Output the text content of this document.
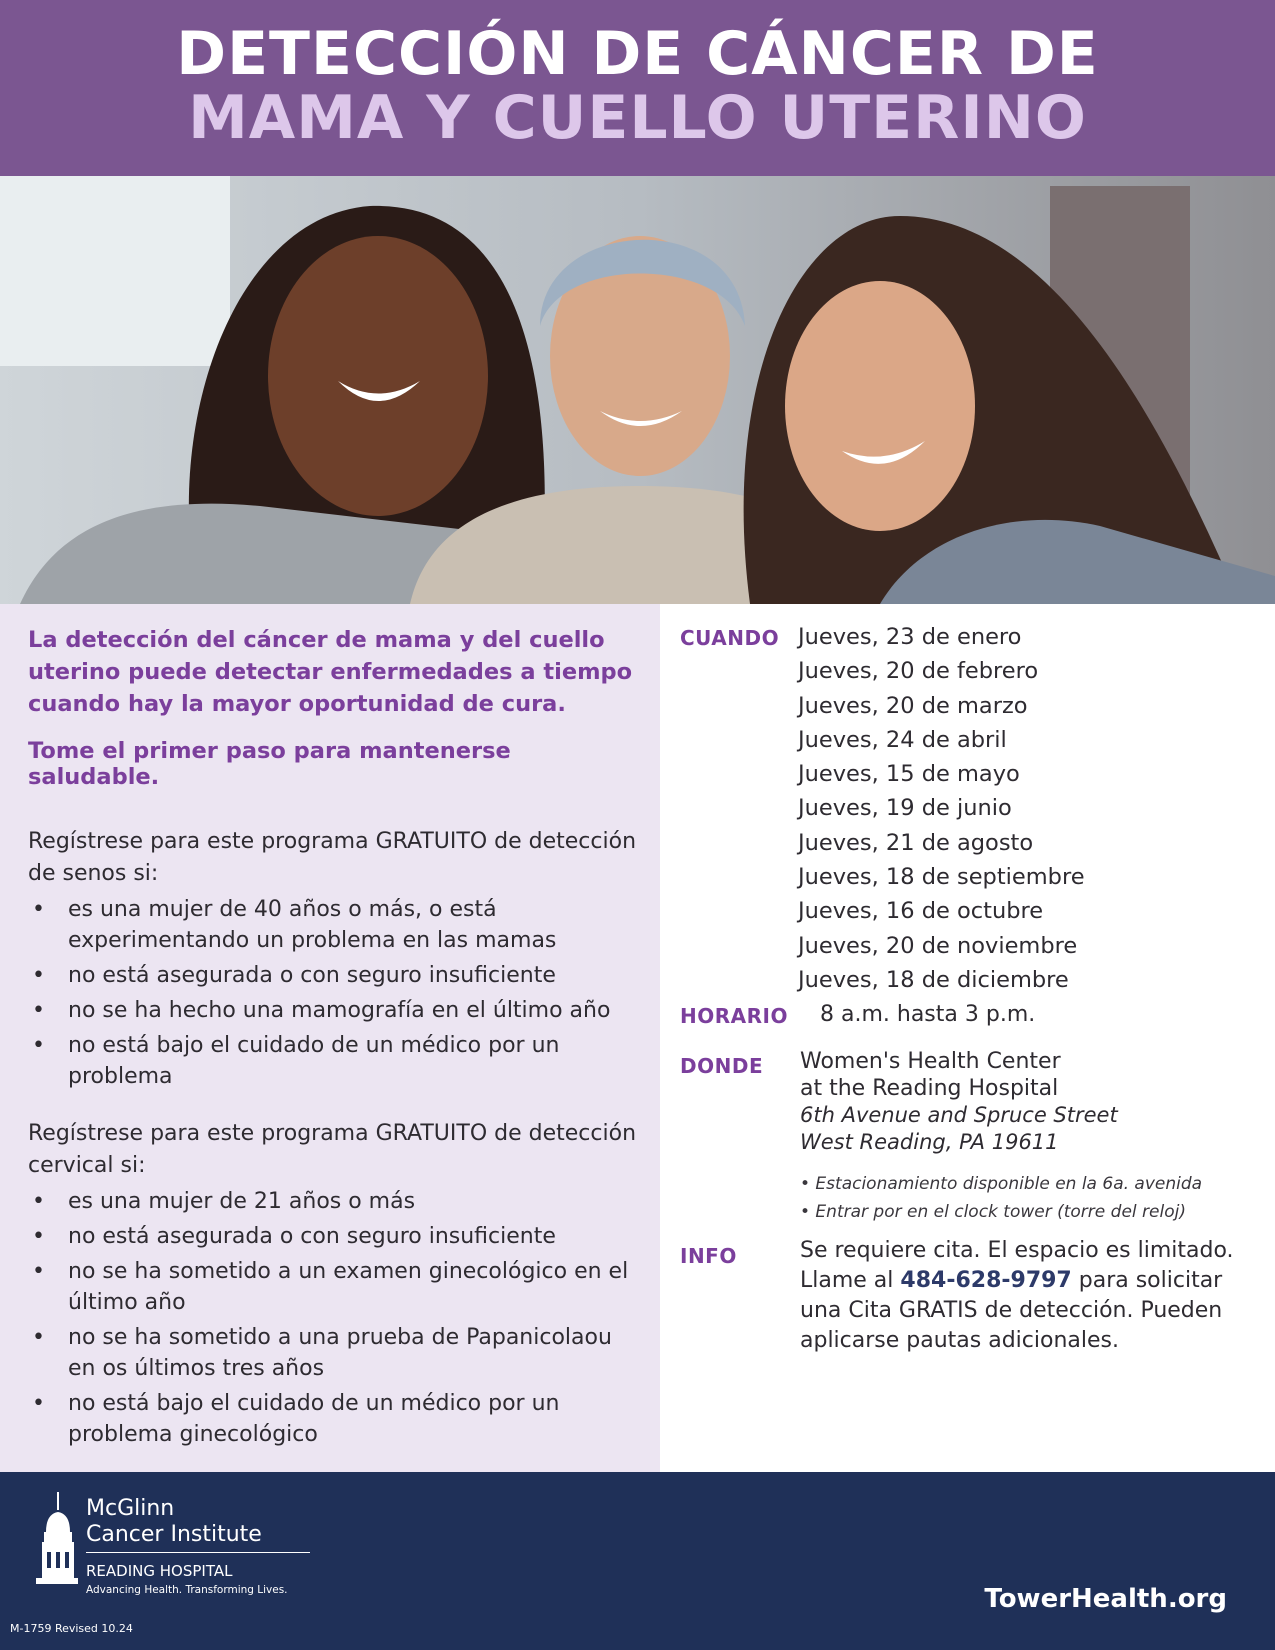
DETECCIÓN DE CÁNCER DE
MAMA Y CUELLO UTERINO

La detección del cáncer de mama y del cuello uterino puede detectar enfermedades a tiempo cuando hay la mayor oportunidad de cura.

Tome el primer paso para mantenerse saludable.

Regístrese para este programa GRATUITO de detección de senos si:

• es una mujer de 40 años o más, o está experimentando un problema en las mamas
• no está asegurada o con seguro insuficiente
• no se ha hecho una mamografía en el último año
• no está bajo el cuidado de un médico por un problema

Regístrese para este programa GRATUITO de detección cervical si:

• es una mujer de 21 años o más
• no está asegurada o con seguro insuficiente
• no se ha sometido a un examen ginecológico en el último año
• no se ha sometido a una prueba de Papanicolaou en os últimos tres años
• no está bajo el cuidado de un médico por un problema ginecológico
CUANDO Jueves, 23 de enero
Jueves, 20 de febrero
Jueves, 20 de marzo
Jueves, 24 de abril
Jueves, 15 de mayo
Jueves, 19 de junio
Jueves, 21 de agosto
Jueves, 18 de septiembre
Jueves, 16 de octubre
Jueves, 20 de noviembre
Jueves, 18 de diciembre
HORARIO 8 a.m. hasta 3 p.m.
DONDE Women's Health Center
at the Reading Hospital
6th Avenue and Spruce Street
West Reading, PA 19611
• Estacionamiento disponible en la 6a. avenida
• Entrar por en el clock tower (torre del reloj)
INFO	Se requiere cita. El espacio es limitado. Llame al 484-628-9797 para solicitar una Cita GRATIS de detección. Pueden aplicarse pautas adicionales.
McGlinn
Cancer Institute
READING HOSPITAL
Advancing Health. Transforming Lives.
M-1759 Revised 10.24
TowerHealth.org
